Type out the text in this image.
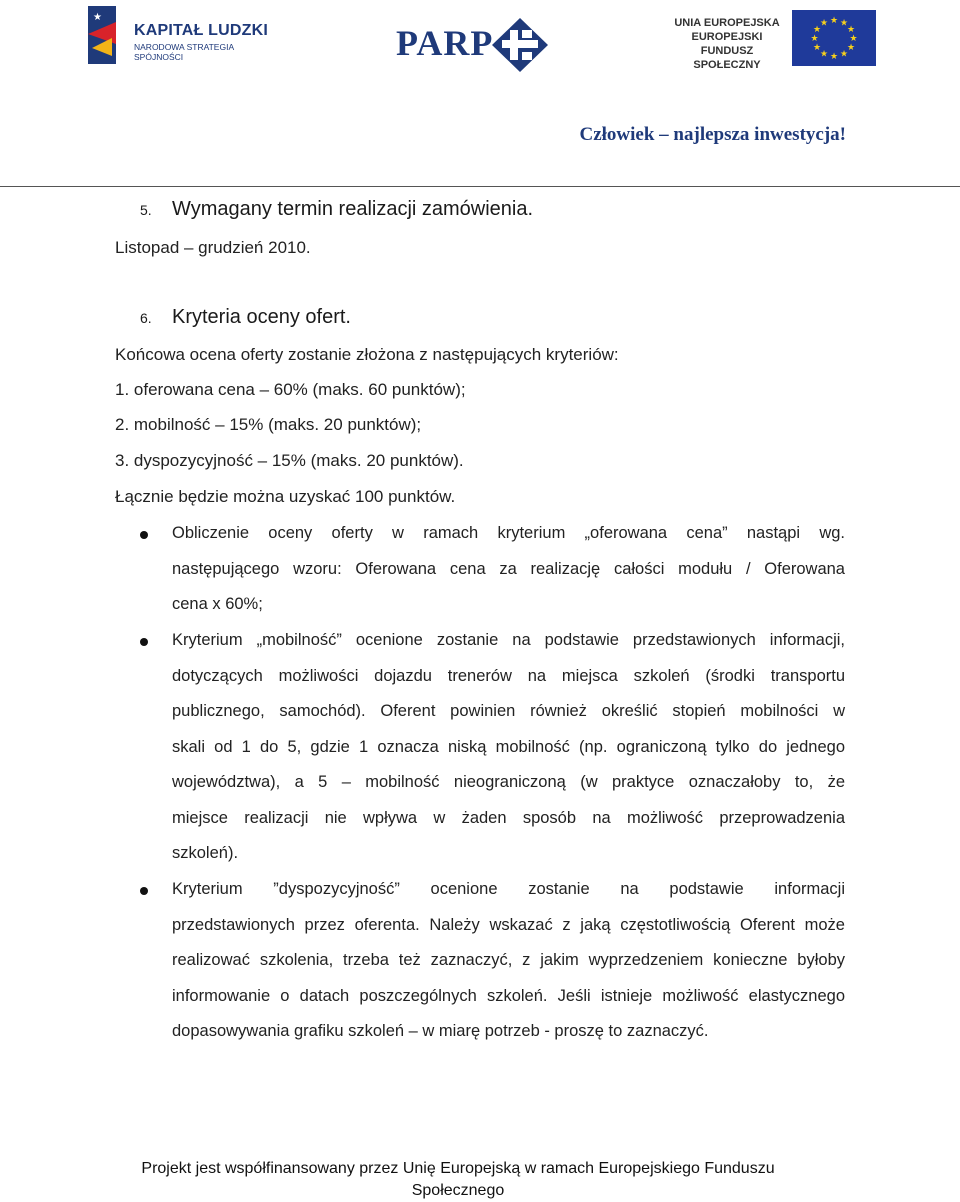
★
KAPITAŁ LUDZKI
NARODOWA STRATEGIA SPÓJNOŚCI	PARP	UNIA EUROPEJSKA
EUROPEJSKI
FUNDUSZ SPOŁECZNY
★ ★
★
★
★
★
★
★
★
★
★
★
Człowiek – najlepsza inwestycja!
5. Wymagany termin realizacji zamówienia.
Listopad – grudzień 2010.
6. Kryteria oceny ofert.
Końcowa ocena oferty zostanie złożona z następujących kryteriów:
1. oferowana cena – 60% (maks. 60 punktów);
2. mobilność – 15% (maks. 20 punktów);
3. dyspozycyjność – 15% (maks. 20 punktów).
Łącznie będzie można uzyskać 100 punktów.
Obliczenie oceny oferty w ramach kryterium „oferowana cena” nastąpi wg.
następującego wzoru: Oferowana cena za realizację całości modułu / Oferowana
cena x 60%;
Kryterium „mobilność” ocenione zostanie na podstawie przedstawionych informacji,
dotyczących możliwości dojazdu trenerów na miejsca szkoleń (środki transportu
publicznego, samochód). Oferent powinien również określić stopień mobilności w
skali od 1 do 5, gdzie 1 oznacza niską mobilność (np. ograniczoną tylko do jednego
województwa), a 5 – mobilność nieograniczoną (w praktyce oznaczałoby to, że
miejsce realizacji nie wpływa w żaden sposób na możliwość przeprowadzenia
szkoleń).
Kryterium ”dyspozycyjność” ocenione zostanie na podstawie informacji
przedstawionych przez oferenta. Należy wskazać z jaką częstotliwością Oferent może
realizować szkolenia, trzeba też zaznaczyć, z jakim wyprzedzeniem konieczne byłoby
informowanie o datach poszczególnych szkoleń. Jeśli istnieje możliwość elastycznego
dopasowywania grafiku szkoleń – w miarę potrzeb - proszę to zaznaczyć.
Projekt jest współfinansowany przez Unię Europejską w ramach Europejskiego Funduszu
Społecznego
